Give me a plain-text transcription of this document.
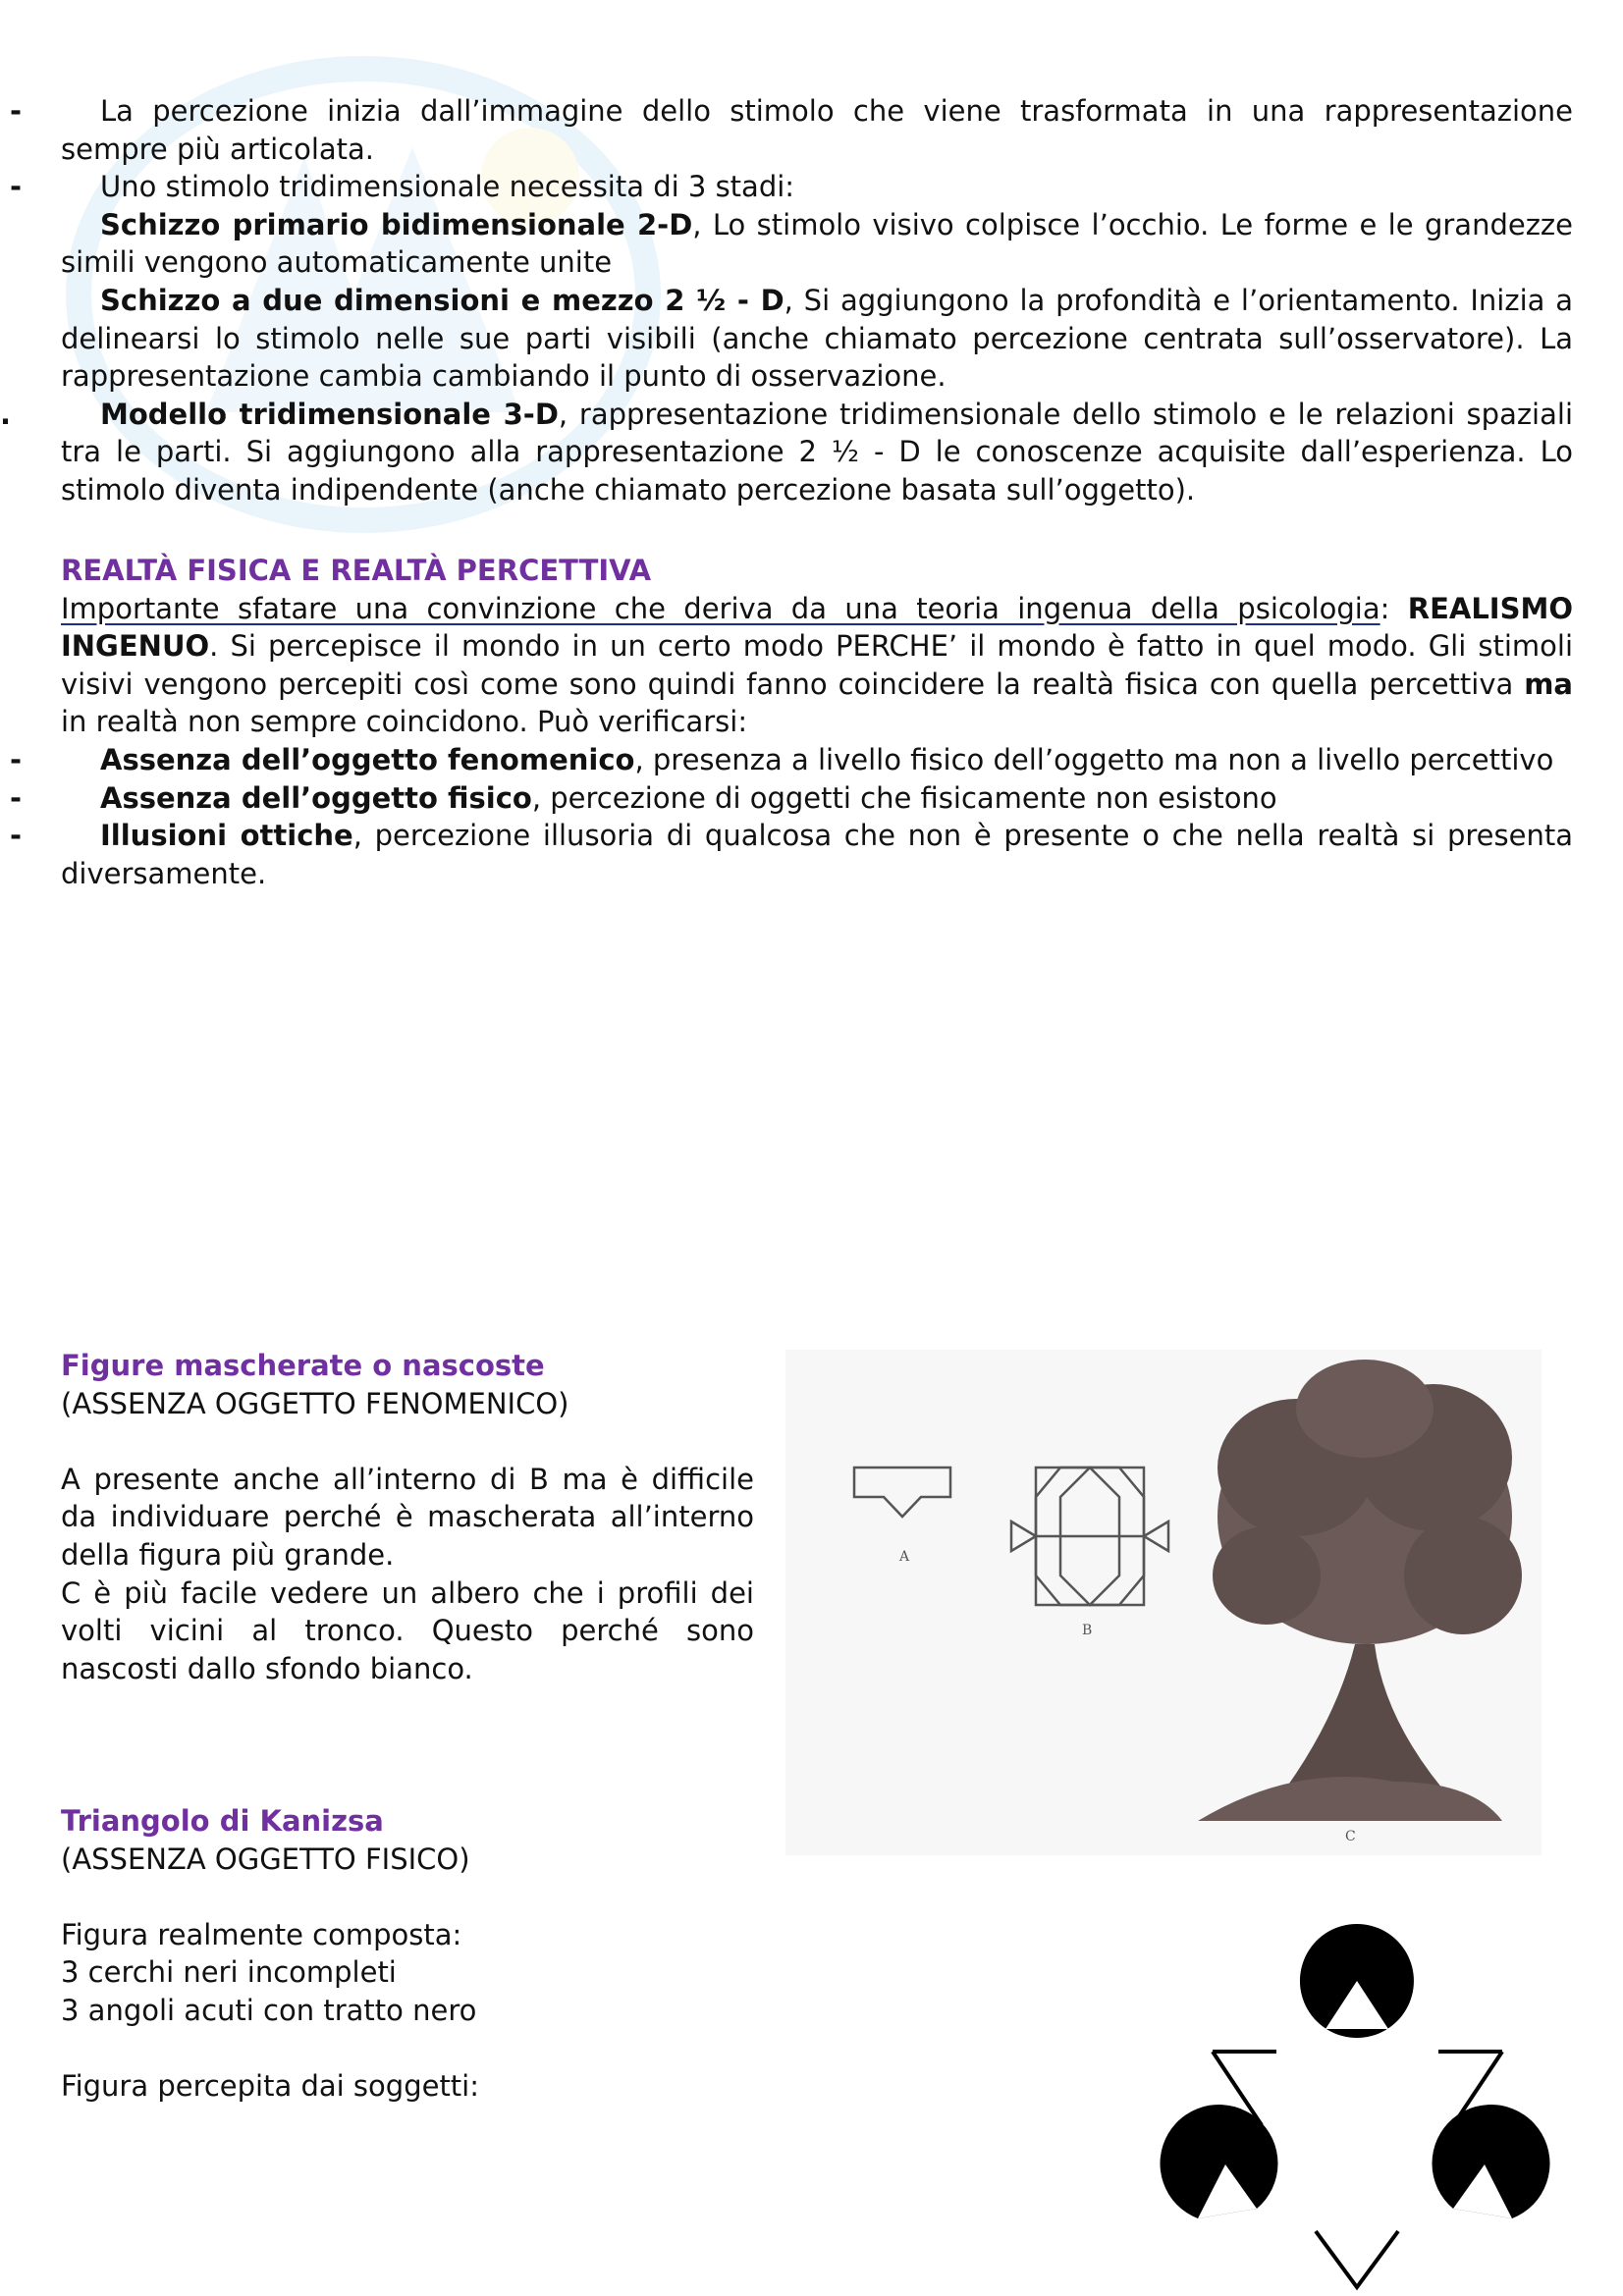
-	La percezione inizia dall’immagine dello stimolo che viene trasformata in una rappresentazione sempre più articolata.

-	Uno stimolo tridimensionale necessita di 3 stadi:

Schizzo primario bidimensionale 2-D, Lo stimolo visivo colpisce l’occhio. Le forme e le grandezze simili vengono automaticamente unite

Schizzo a due dimensioni e mezzo 2 ½ - D, Si aggiungono la profondità e l’orientamento. Inizia a delinearsi lo stimolo nelle sue parti visibili (anche chiamato percezione centrata sull’osservatore). La rappresentazione cambia cambiando il punto di osservazione.

.	Modello tridimensionale 3-D, rappresentazione tridimensionale dello stimolo e le relazioni spaziali tra le parti. Si aggiungono alla rappresentazione 2 ½ - D le conoscenze acquisite dall’esperienza. Lo stimolo diventa indipendente (anche chiamato percezione basata sull’oggetto).

REALTÀ FISICA E REALTÀ PERCETTIVA

Importante sfatare una convinzione che deriva da una teoria ingenua della psicologia: REALISMO INGENUO. Si percepisce il mondo in un certo modo PERCHE’ il mondo è fatto in quel modo. Gli stimoli visivi vengono percepiti così come sono quindi fanno coincidere la realtà fisica con quella percettiva ma in realtà non sempre coincidono. Può verificarsi:

-	Assenza dell’oggetto fenomenico, presenza a livello fisico dell’oggetto ma non a livello percettivo

-	Assenza dell’oggetto fisico, percezione di oggetti che fisicamente non esistono

-	Illusioni ottiche, percezione illusoria di qualcosa che non è presente o che nella realtà si presenta diversamente.

Figure mascherate o nascoste
(ASSENZA OGGETTO FENOMENICO)

A presente anche all’interno di B ma è difficile da individuare perché è mascherata all’interno della figura più grande.

C è più facile vedere un albero che i profili dei volti vicini al tronco. Questo perché sono nascosti dallo sfondo bianco.

A
B
C
Triangolo di Kanizsa
(ASSENZA OGGETTO FISICO)
Figura realmente composta:
3 cerchi neri incompleti
3 angoli acuti con tratto nero
Figura percepita dai soggetti:
